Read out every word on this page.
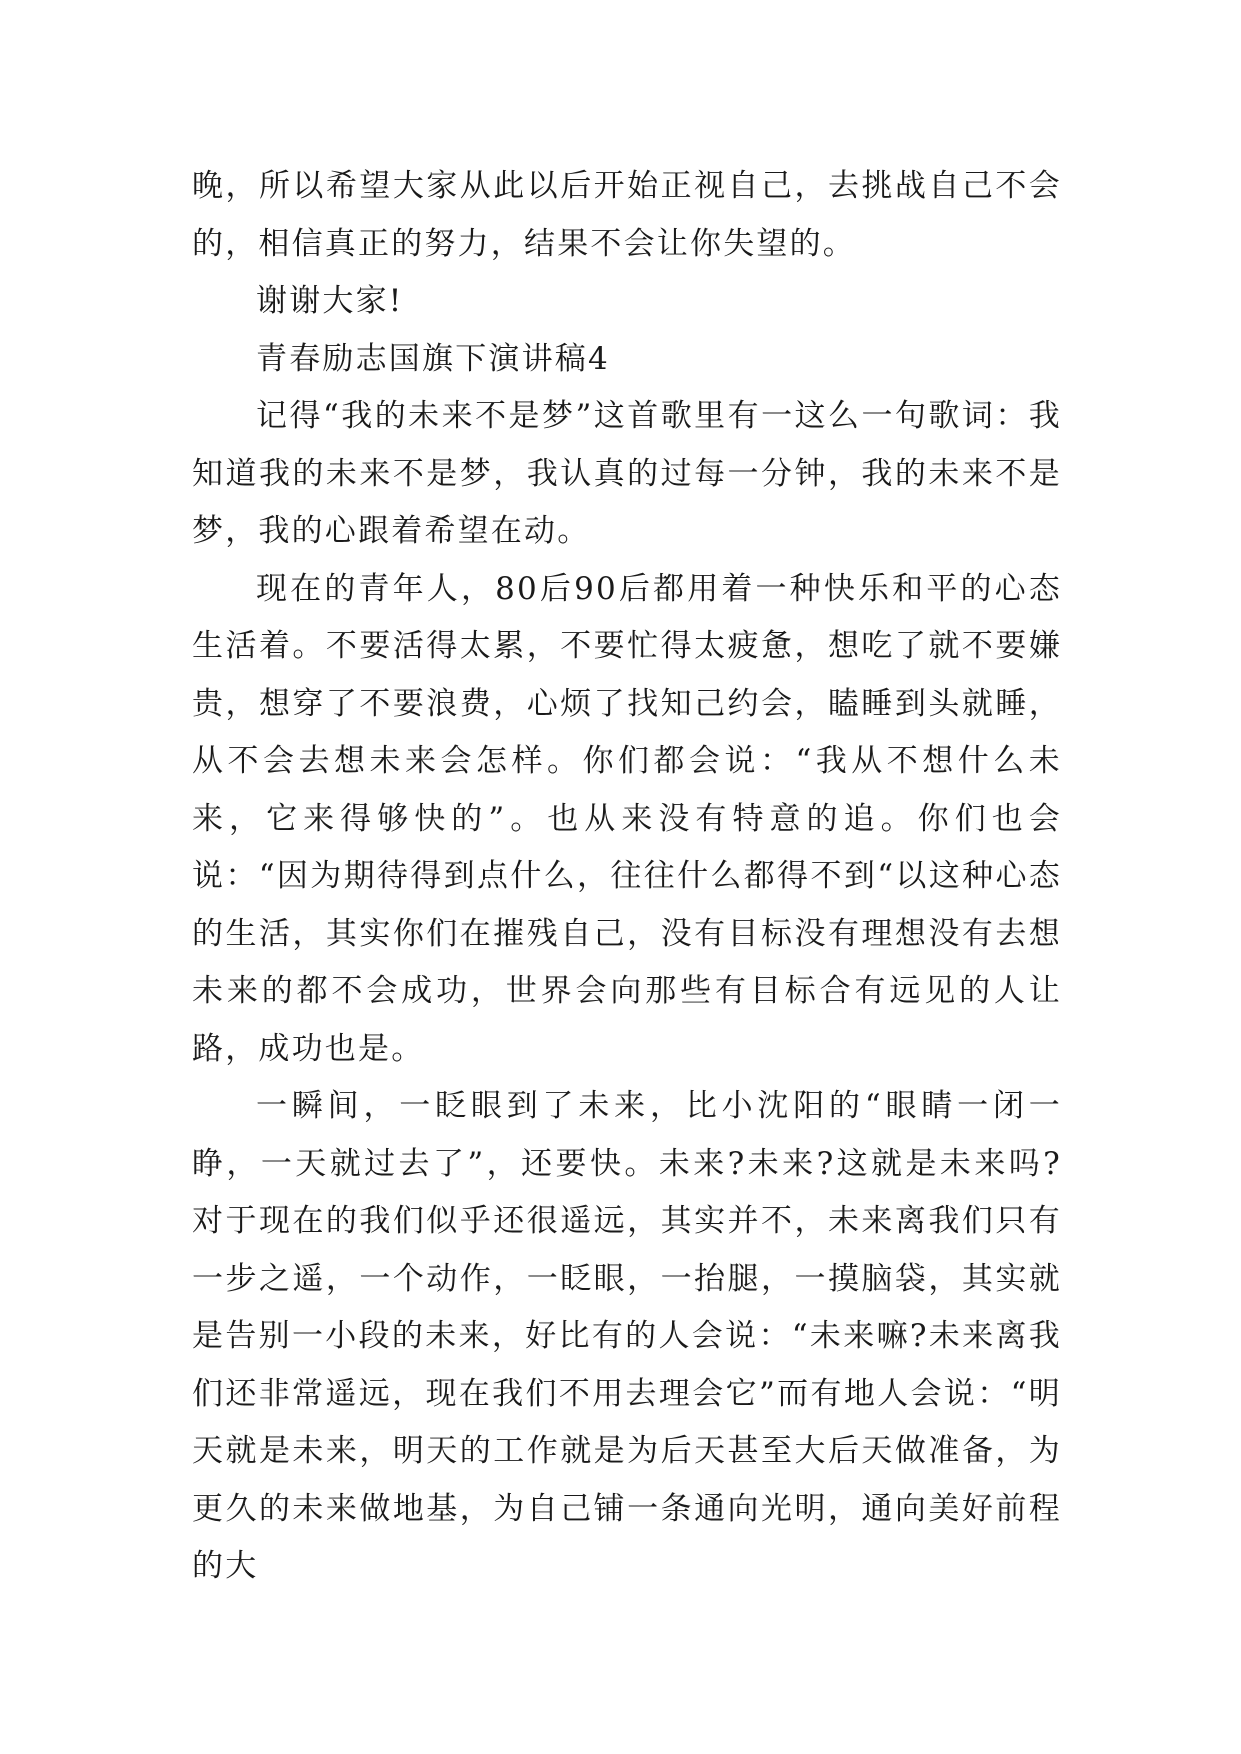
晚，所以希望大家从此以后开始正视自己，去挑战自己不会的，相信真正的努力，结果不会让你失望的。

谢谢大家!

青春励志国旗下演讲稿4

记得“我的未来不是梦”这首歌里有一这么一句歌词：我知道我的未来不是梦，我认真的过每一分钟，我的未来不是梦，我的心跟着希望在动。

现在的青年人，80后90后都用着一种快乐和平的心态生活着。不要活得太累，不要忙得太疲惫，想吃了就不要嫌贵，想穿了不要浪费，心烦了找知己约会，瞌睡到头就睡，从不会去想未来会怎样。你们都会说：“我从不想什么未来，它来得够快的”。也从来没有特意的追。你们也会说：“因为期待得到点什么，往往什么都得不到“以这种心态的生活，其实你们在摧残自己，没有目标没有理想没有去想未来的都不会成功，世界会向那些有目标合有远见的人让路，成功也是。

一瞬间，一眨眼到了未来，比小沈阳的“眼睛一闭一睁，一天就过去了”，还要快。未来?未来?这就是未来吗?对于现在的我们似乎还很遥远，其实并不，未来离我们只有一步之遥，一个动作，一眨眼，一抬腿，一摸脑袋，其实就是告别一小段的未来，好比有的人会说：“未来嘛?未来离我们还非常遥远，现在我们不用去理会它”而有地人会说：“明天就是未来，明天的工作就是为后天甚至大后天做准备，为更久的未来做地基，为自己铺一条通向光明，通向美好前程的大
